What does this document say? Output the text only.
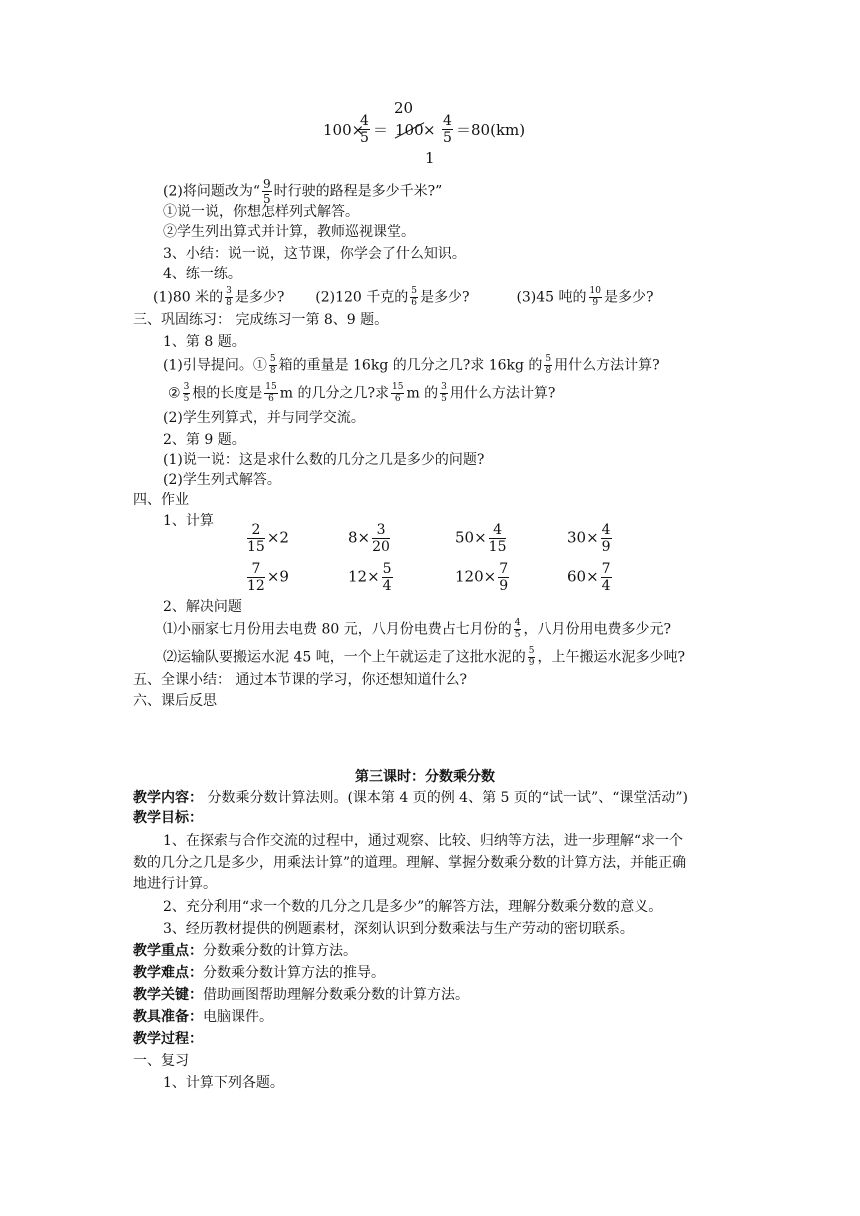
100×
$\frac{4}{5}$ ＝
20
$100 \times \frac{4}{5}$
1
＝80(km)
(2)将问题改为“ $\frac{9}{5}$ 时行驶的路程是多少千米?”
①说一说，你想怎样列式解答。
②学生列出算式并计算，教师巡视课堂。
3、小结：说一说，这节课，你学会了什么知识。
4、练一练。
(1)80 米的 $\frac{3}{8}$ 是多少? (2)120 千克的 $\frac{5}{6}$ 是多少?	(3)45 吨的 $\frac{10}{9}$ 是多少?
三、巩固练习： 完成练习一第 8、9 题。
1、第 8 题。
(1)引导提问。① $\frac{5}{8}$ 箱的重量是 16kg 的几分之几?求 16kg 的 $\frac{5}{8}$ 用什么方法计算?
② $\frac{3}{5}$ 根的长度是 $\frac{15}{6}$ m 的几分之几?求 $\frac{15}{6}$ m 的 $\frac{3}{5}$ 用什么方法计算?
(2)学生列算式，并与同学交流。
2、第 9 题。
(1)说一说：这是求什么数的几分之几是多少的问题?
(2)学生列式解答。
四、作业
1、计算
$\frac{2}{15} \times 2$	$8\times \frac{3}{20}$	$50\times \frac{4}{15}$	$30\times \frac{4}{9}$
$\frac{7}{12} \times 9$	$12\times \frac{5}{4}$	$120\times \frac{7}{9}$	$60\times \frac{7}{4}$
2、解决问题
⑴小丽家七月份用去电费 80 元，八月份电费占七月份的 $\frac{4}{5}$ ，八月份用电费多少元?
⑵运输队要搬运水泥 45 吨，一个上午就运走了这批水泥的 $\frac{5}{9}$ ，上午搬运水泥多少吨?
五、全课小结： 通过本节课的学习，你还想知道什么?
六、课后反思
第三课时：分数乘分数
教学内容： 分数乘分数计算法则。(课本第 4 页的例 4、第 5 页的“试一试”、“课堂活动”)
教学目标：
1、在探索与合作交流的过程中，通过观察、比较、归纳等方法，进一步理解“求一个
数的几分之几是多少，用乘法计算”的道理。理解、掌握分数乘分数的计算方法，并能正确
地进行计算。
2、充分利用“求一个数的几分之几是多少”的解答方法，理解分数乘分数的意义。
3、经历教材提供的例题素材，深刻认识到分数乘法与生产劳动的密切联系。
教学重点：分数乘分数的计算方法。
教学难点：分数乘分数计算方法的推导。
教学关键：借助画图帮助理解分数乘分数的计算方法。
教具准备：电脑课件。
教学过程：
一、复习
1、计算下列各题。
